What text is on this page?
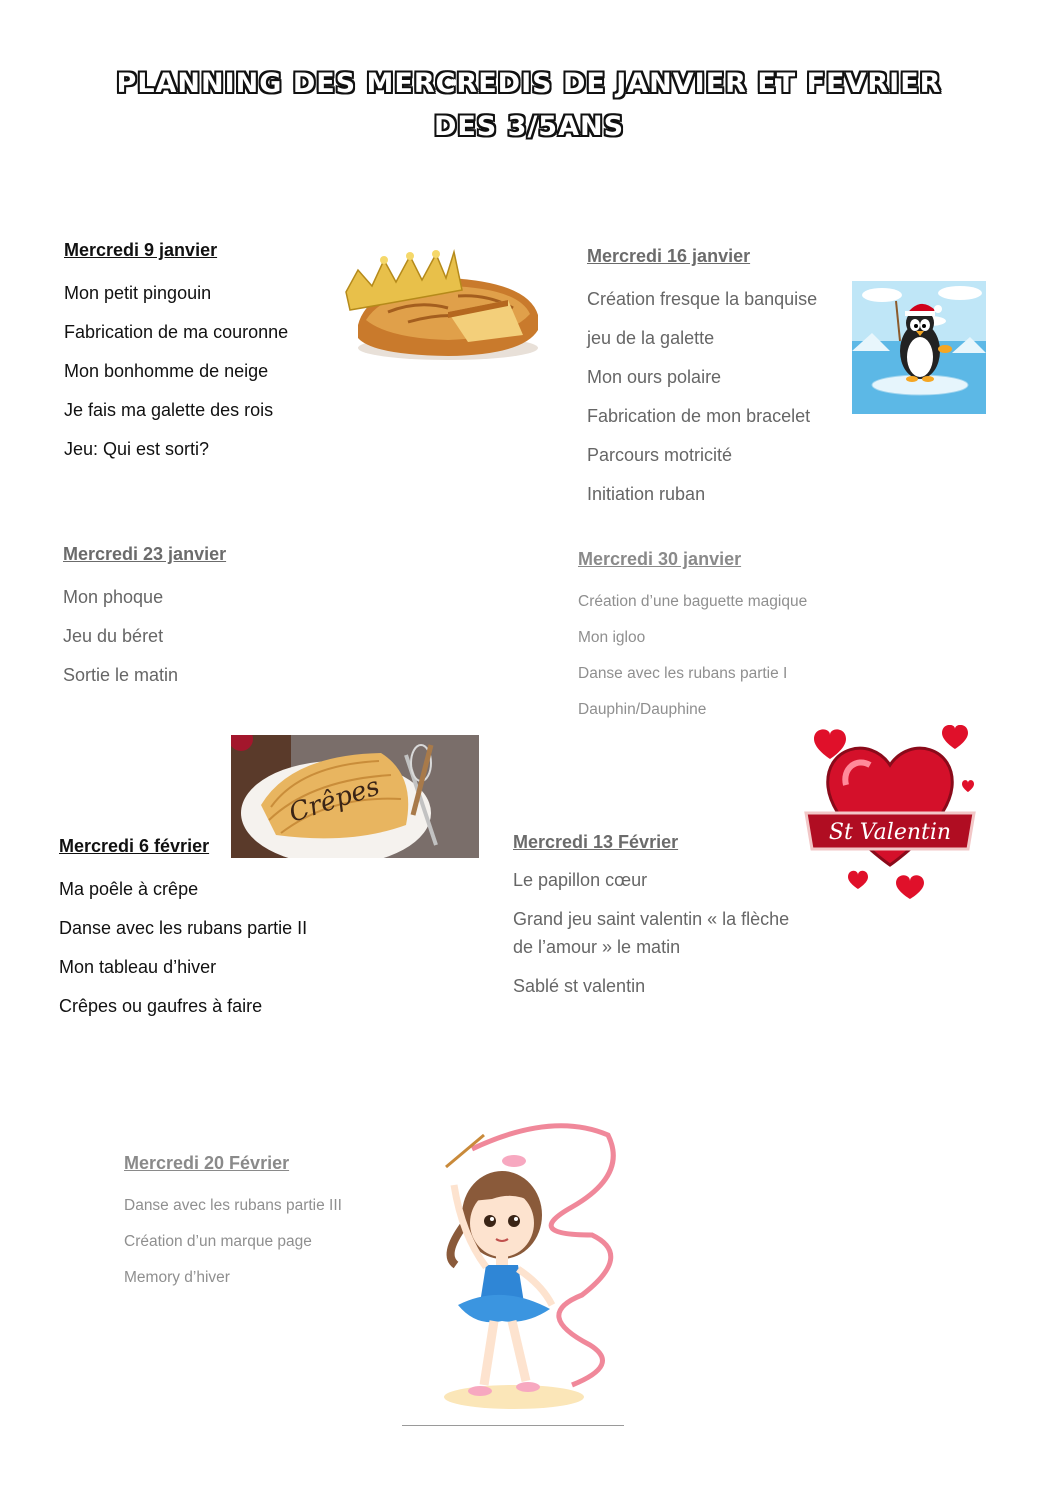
PLANNING DES MERCREDIS DE JANVIER ET FEVRIER DES 3/5ANS
Mercredi 9 janvier
Mon petit pingouin
Fabrication de ma couronne
Mon bonhomme de neige
Je fais ma galette des rois
Jeu: Qui est sorti?
Mercredi 16 janvier
Création fresque la banquise
jeu de la galette
Mon ours polaire
Fabrication de mon bracelet
Parcours motricité
Initiation ruban
Mercredi 23 janvier
Mon phoque
Jeu du béret
Sortie le matin
Mercredi 30 janvier
Création d’une baguette magique
Mon igloo
Danse avec les rubans partie I
Dauphin/Dauphine
Crêpes
Mercredi 6 février
Ma poêle à crêpe
Danse avec les rubans partie II
Mon tableau d’hiver
Crêpes ou gaufres à faire
Mercredi 13 Février
Le papillon cœur
Grand jeu saint valentin « la flèche de l’amour » le matin
Sablé st valentin
St Valentin
Mercredi 20 Février
Danse avec les rubans partie III
Création d’un marque page
Memory d’hiver
